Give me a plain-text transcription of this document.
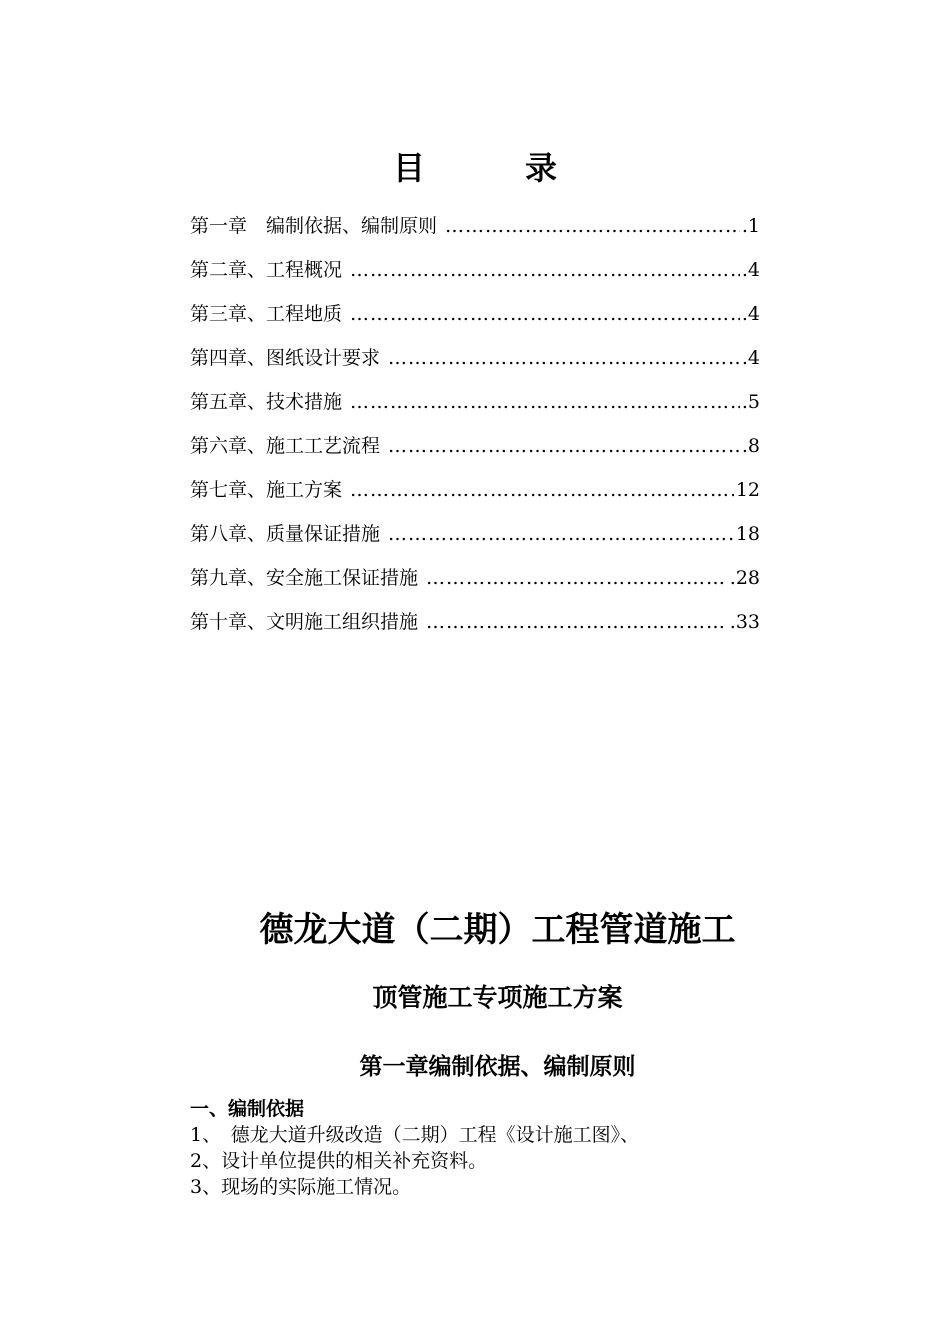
目	录
第一章　编制依据、编制原则 ……………………………………………………………………………………………………………………	.1
第二章、工程概况 ……………………………………………………………………………………………………………………	.4
第三章、工程地质 ……………………………………………………………………………………………………………………	.4
第四章、图纸设计要求 ……………………………………………………………………………………………………………………	.4
第五章、技术措施 ……………………………………………………………………………………………………………………	.5
第六章、施工工艺流程 ……………………………………………………………………………………………………………………	.8
第七章、施工方案 ……………………………………………………………………………………………………………………	12
第八章、质量保证措施 ……………………………………………………………………………………………………………………	18
第九章、安全施工保证措施 ……………………………………………………………………………………………………………………	.28
第十章、文明施工组织措施 ……………………………………………………………………………………………………………………	.33
德龙大道（二期）工程管道施工
顶管施工专项施工方案
第一章编制依据、编制原则
一、编制依据
1、　德龙大道升级改造（二期）工程《设计施工图》、
2、设计单位提供的相关补充资料。
3、现场的实际施工情况。
